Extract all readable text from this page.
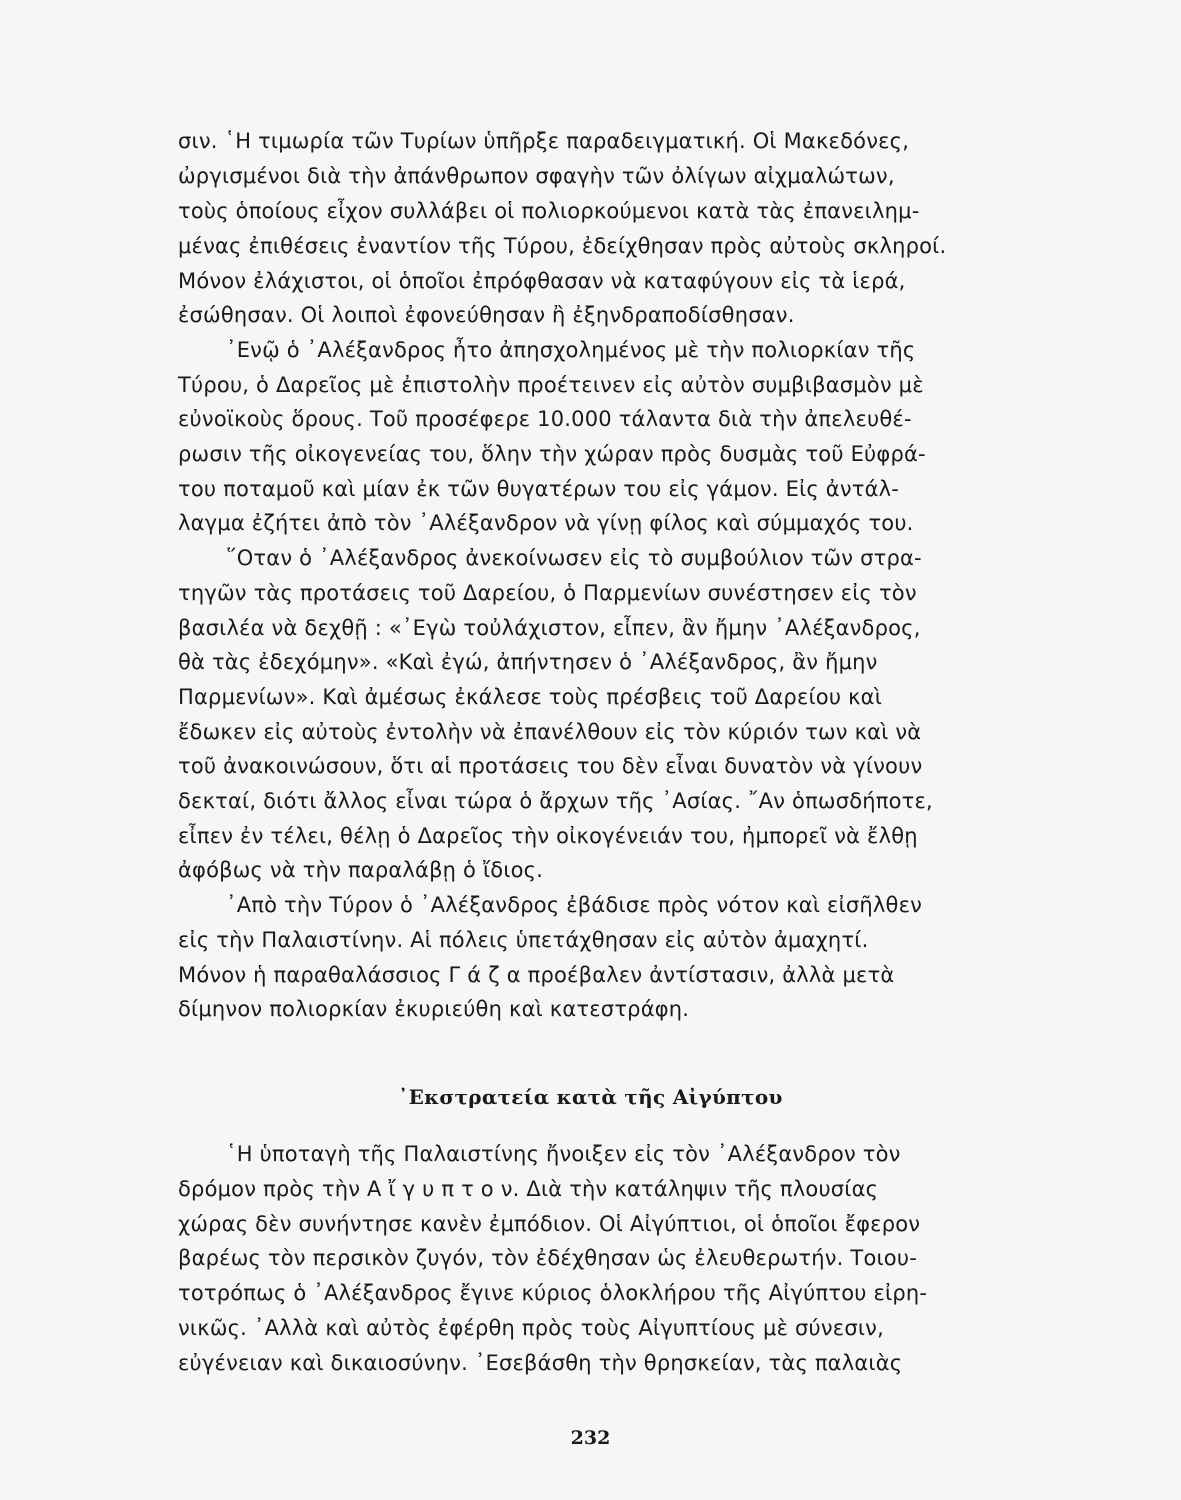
σιν. ῾Η τιμωρία τῶν Τυρίων ὑπῆρξε παραδειγματική. Οἱ Μακεδόνες,
ὠργισμένοι διὰ τὴν ἀπάνθρωπον σφαγὴν τῶν ὀλίγων αἰχμαλώτων,
τοὺς ὁποίους εἶχον συλλάβει οἱ πολιορκούμενοι κατὰ τὰς ἐπανειλημ-
μένας ἐπιθέσεις ἐναντίον τῆς Τύρου, ἐδείχθησαν πρὸς αὐτοὺς σκληροί.
Μόνον ἐλάχιστοι, οἱ ὁποῖοι ἐπρόφθασαν νὰ καταφύγουν εἰς τὰ ἱερά,
ἐσώθησαν. Οἱ λοιποὶ ἐφονεύθησαν ἢ ἐξηνδραποδίσθησαν.
᾿Ενῷ ὁ ᾿Αλέξανδρος ἦτο ἀπησχολημένος μὲ τὴν πολιορκίαν τῆς
Τύρου, ὁ Δαρεῖος μὲ ἐπιστολὴν προέτεινεν εἰς αὐτὸν συμβιβασμὸν μὲ
εὐνοϊκοὺς ὅρους. Τοῦ προσέφερε 10.000 τάλαντα διὰ τὴν ἀπελευθέ-
ρωσιν τῆς οἰκογενείας του, ὅλην τὴν χώραν πρὸς δυσμὰς τοῦ Εὐφρά-
του ποταμοῦ καὶ μίαν ἐκ τῶν θυγατέρων του εἰς γάμον. Εἰς ἀντάλ-
λαγμα ἐζήτει ἀπὸ τὸν ᾿Αλέξανδρον νὰ γίνῃ φίλος καὶ σύμμαχός του.
῞Οταν ὁ ᾿Αλέξανδρος ἀνεκοίνωσεν εἰς τὸ συμβούλιον τῶν στρα-
τηγῶν τὰς προτάσεις τοῦ Δαρείου, ὁ Παρμενίων συνέστησεν εἰς τὸν
βασιλέα νὰ δεχθῇ : «᾿Εγὼ τοὐλάχιστον, εἶπεν, ἂν ἤμην ᾿Αλέξανδρος,
θὰ τὰς ἐδεχόμην». «Καὶ ἐγώ, ἀπήντησεν ὁ ᾿Αλέξανδρος, ἂν ἤμην
Παρμενίων». Καὶ ἀμέσως ἐκάλεσε τοὺς πρέσβεις τοῦ Δαρείου καὶ
ἔδωκεν εἰς αὐτοὺς ἐντολὴν νὰ ἐπανέλθουν εἰς τὸν κύριόν των καὶ νὰ
τοῦ ἀνακοινώσουν, ὅτι αἱ προτάσεις του δὲν εἶναι δυνατὸν νὰ γίνουν
δεκταί, διότι ἄλλος εἶναι τώρα ὁ ἄρχων τῆς ᾿Ασίας. ῎Αν ὁπωσδήποτε,
εἶπεν ἐν τέλει, θέλῃ ὁ Δαρεῖος τὴν οἰκογένειάν του, ἠμπορεῖ νὰ ἔλθῃ
ἀφόβως νὰ τὴν παραλάβῃ ὁ ἴδιος.
᾿Απὸ τὴν Τύρον ὁ ᾿Αλέξανδρος ἐβάδισε πρὸς νότον καὶ εἰσῆλθεν
εἰς τὴν Παλαιστίνην. Αἱ πόλεις ὑπετάχθησαν εἰς αὐτὸν ἀμαχητί.
Μόνον ἡ παραθαλάσσιος Γ ά ζ α προέβαλεν ἀντίστασιν, ἀλλὰ μετὰ
δίμηνον πολιορκίαν ἐκυριεύθη καὶ κατεστράφη.
᾿Εκστρατεία κατὰ τῆς Αἰγύπτου
῾Η ὑποταγὴ τῆς Παλαιστίνης ἤνοιξεν εἰς τὸν ᾿Αλέξανδρον τὸν
δρόμον πρὸς τὴν Α ἴ γ υ π τ ο ν. Διὰ τὴν κατάληψιν τῆς πλουσίας
χώρας δὲν συνήντησε κανὲν ἐμπόδιον. Οἱ Αἰγύπτιοι, οἱ ὁποῖοι ἔφερον
βαρέως τὸν περσικὸν ζυγόν, τὸν ἐδέχθησαν ὡς ἐλευθερωτήν. Τοιου-
τοτρόπως ὁ ᾿Αλέξανδρος ἔγινε κύριος ὁλοκλήρου τῆς Αἰγύπτου εἰρη-
νικῶς. ᾿Αλλὰ καὶ αὐτὸς ἐφέρθη πρὸς τοὺς Αἰγυπτίους μὲ σύνεσιν,
εὐγένειαν καὶ δικαιοσύνην. ᾿Εσεβάσθη τὴν θρησκείαν, τὰς παλαιὰς
232
